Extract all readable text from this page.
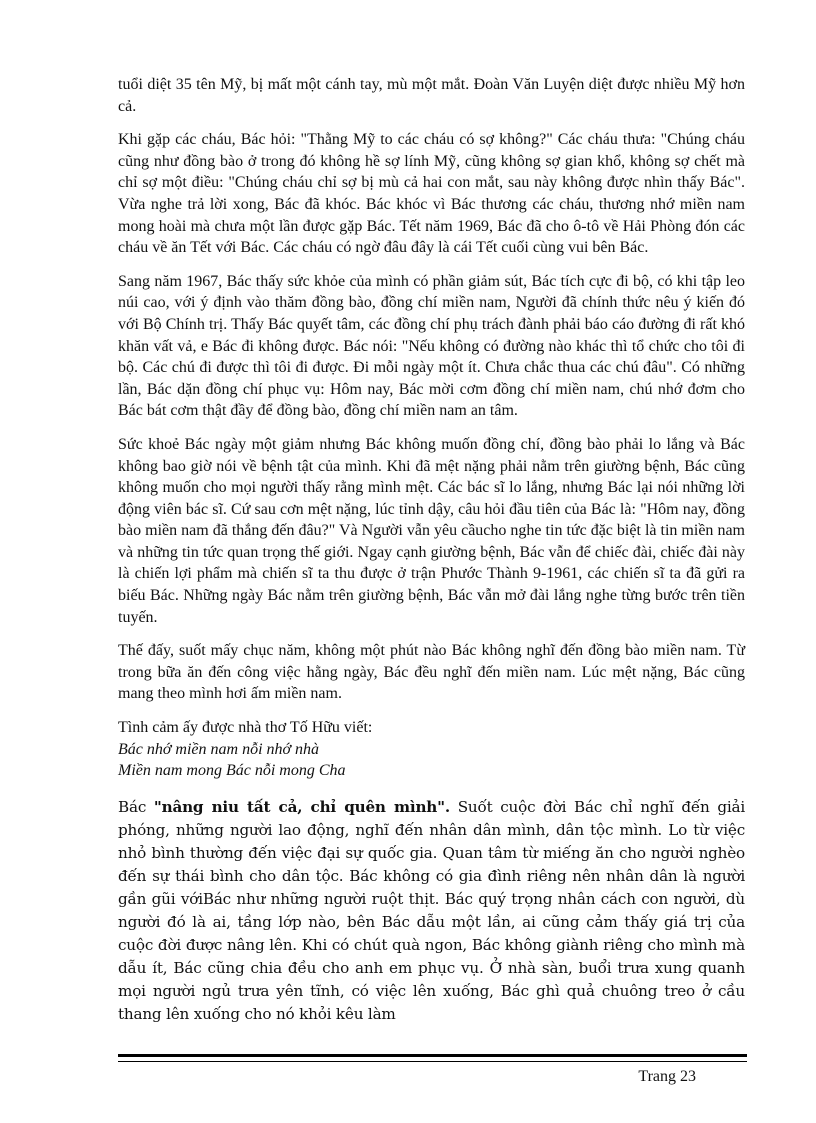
tuổi diệt 35 tên Mỹ, bị mất một cánh tay, mù một mắt. Đoàn Văn Luyện diệt được nhiều Mỹ hơn cả.

Khi gặp các cháu, Bác hỏi: "Thằng Mỹ to các cháu có sợ không?" Các cháu thưa: "Chúng cháu cũng như đồng bào ở trong đó không hề sợ lính Mỹ, cũng không sợ gian khổ, không sợ chết mà chỉ sợ một điều: "Chúng cháu chỉ sợ bị mù cả hai con mắt, sau này không được nhìn thấy Bác". Vừa nghe trả lời xong, Bác đã khóc. Bác khóc vì Bác thương các cháu, thương nhớ miền nam mong hoài mà chưa một lần được gặp Bác. Tết năm 1969, Bác đã cho ô-tô về Hải Phòng đón các cháu về ăn Tết với Bác. Các cháu có ngờ đâu đây là cái Tết cuối cùng vui bên Bác.

Sang năm 1967, Bác thấy sức khỏe của mình có phần giảm sút, Bác tích cực đi bộ, có khi tập leo núi cao, với ý định vào thăm đồng bào, đồng chí miền nam, Người đã chính thức nêu ý kiến đó với Bộ Chính trị. Thấy Bác quyết tâm, các đồng chí phụ trách đành phải báo cáo đường đi rất khó khăn vất vả, e Bác đi không được. Bác nói: "Nếu không có đường nào khác thì tổ chức cho tôi đi bộ. Các chú đi được thì tôi đi được. Đi mỗi ngày một ít. Chưa chắc thua các chú đâu". Có những lần, Bác dặn đồng chí phục vụ: Hôm nay, Bác mời cơm đồng chí miền nam, chú nhớ đơm cho Bác bát cơm thật đầy để đồng bào, đồng chí miền nam an tâm.

Sức khoẻ Bác ngày một giảm nhưng Bác không muốn đồng chí, đồng bào phải lo lắng và Bác không bao giờ nói về bệnh tật của mình. Khi đã mệt nặng phải nằm trên giường bệnh, Bác cũng không muốn cho mọi người thấy rằng mình mệt. Các bác sĩ lo lắng, nhưng Bác lại nói những lời động viên bác sĩ. Cứ sau cơn mệt nặng, lúc tỉnh dậy, câu hỏi đầu tiên của Bác là: "Hôm nay, đồng bào miền nam đã thắng đến đâu?" Và Người vẫn yêu cầucho nghe tin tức đặc biệt là tin miền nam và những tin tức quan trọng thế giới. Ngay cạnh giường bệnh, Bác vẫn để chiếc đài, chiếc đài này là chiến lợi phẩm mà chiến sĩ ta thu được ở trận Phước Thành 9-1961, các chiến sĩ ta đã gửi ra biếu Bác. Những ngày Bác nằm trên giường bệnh, Bác vẫn mở đài lắng nghe từng bước trên tiền tuyến.

Thế đấy, suốt mấy chục năm, không một phút nào Bác không nghĩ đến đồng bào miền nam. Từ trong bữa ăn đến công việc hằng ngày, Bác đều nghĩ đến miền nam. Lúc mệt nặng, Bác cũng mang theo mình hơi ấm miền nam.

Tình cảm ấy được nhà thơ Tố Hữu viết:

Bác nhớ miền nam nỗi nhớ nhà
Miền nam mong Bác nỗi mong Cha

Bác "nâng niu tất cả, chỉ quên mình". Suốt cuộc đời Bác chỉ nghĩ đến giải phóng, những người lao động, nghĩ đến nhân dân mình, dân tộc mình. Lo từ việc nhỏ bình thường đến việc đại sự quốc gia. Quan tâm từ miếng ăn cho người nghèo đến sự thái bình cho dân tộc. Bác không có gia đình riêng nên nhân dân là người gần gũi vớiBác như những người ruột thịt. Bác quý trọng nhân cách con người, dù người đó là ai, tầng lớp nào, bên Bác dẫu một lần, ai cũng cảm thấy giá trị của cuộc đời được nâng lên. Khi có chút quà ngon, Bác không giành riêng cho mình mà dẫu ít, Bác cũng chia đều cho anh em phục vụ. Ở nhà sàn, buổi trưa xung quanh mọi người ngủ trưa yên tĩnh, có việc lên xuống, Bác ghì quả chuông treo ở cầu thang lên xuống cho nó khỏi kêu làm

Trang 23
